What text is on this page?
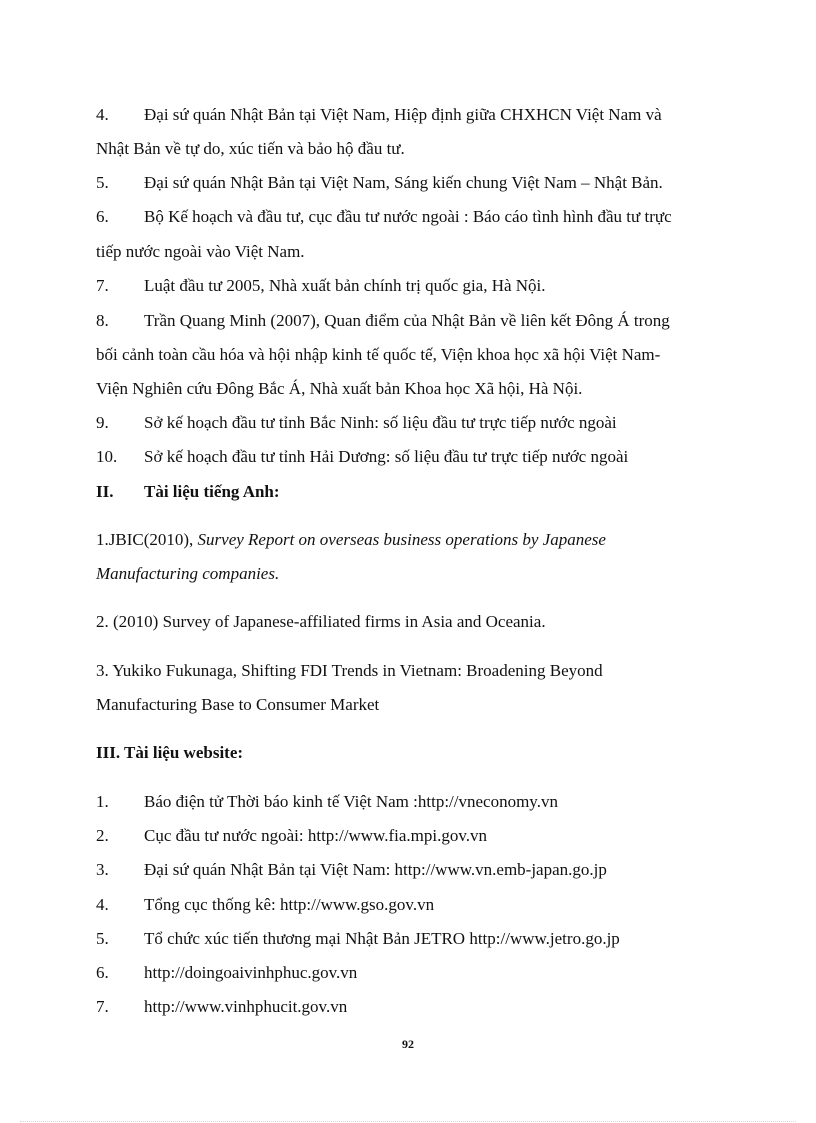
4. Đại sứ quán Nhật Bản tại Việt Nam, Hiệp định giữa CHXHCN Việt Nam và
Nhật Bản về tự do, xúc tiến và bảo hộ đầu tư.
5. Đại sứ quán Nhật Bản tại Việt Nam, Sáng kiến chung Việt Nam – Nhật Bản.
6. Bộ Kế hoạch và đầu tư, cục đầu tư nước ngoài : Báo cáo tình hình đầu tư trực
tiếp nước ngoài vào Việt Nam.
7. Luật đầu tư 2005, Nhà xuất bản chính trị quốc gia, Hà Nội.
8. Trần Quang Minh (2007), Quan điểm của Nhật Bản về liên kết Đông Á trong
bối cảnh toàn cầu hóa và hội nhập kinh tế quốc tế, Viện khoa học xã hội Việt Nam-
Viện Nghiên cứu Đông Bắc Á, Nhà xuất bản Khoa học Xã hội, Hà Nội.
9. Sở kế hoạch đầu tư tỉnh Bắc Ninh: số liệu đầu tư trực tiếp nước ngoài
10. Sở kế hoạch đầu tư tỉnh Hải Dương: số liệu đầu tư trực tiếp nước ngoài
II. Tài liệu tiếng Anh:
1.JBIC(2010), Survey Report on overseas business operations by Japanese
Manufacturing companies.
2. (2010) Survey of Japanese-affiliated firms in Asia and Oceania.
3. Yukiko Fukunaga, Shifting FDI Trends in Vietnam: Broadening Beyond
Manufacturing Base to Consumer Market
III. Tài liệu website:
1. Báo điện tử Thời báo kinh tế Việt Nam :http://vneconomy.vn
2. Cục đầu tư nước ngoài: http://www.fia.mpi.gov.vn
3. Đại sứ quán Nhật Bản tại Việt Nam: http://www.vn.emb-japan.go.jp
4. Tổng cục thống kê: http://www.gso.gov.vn
5. Tổ chức xúc tiến thương mại Nhật Bản JETRO http://www.jetro.go.jp
6. http://doingoaivinhphuc.gov.vn
7. http://www.vinhphucit.gov.vn
92
